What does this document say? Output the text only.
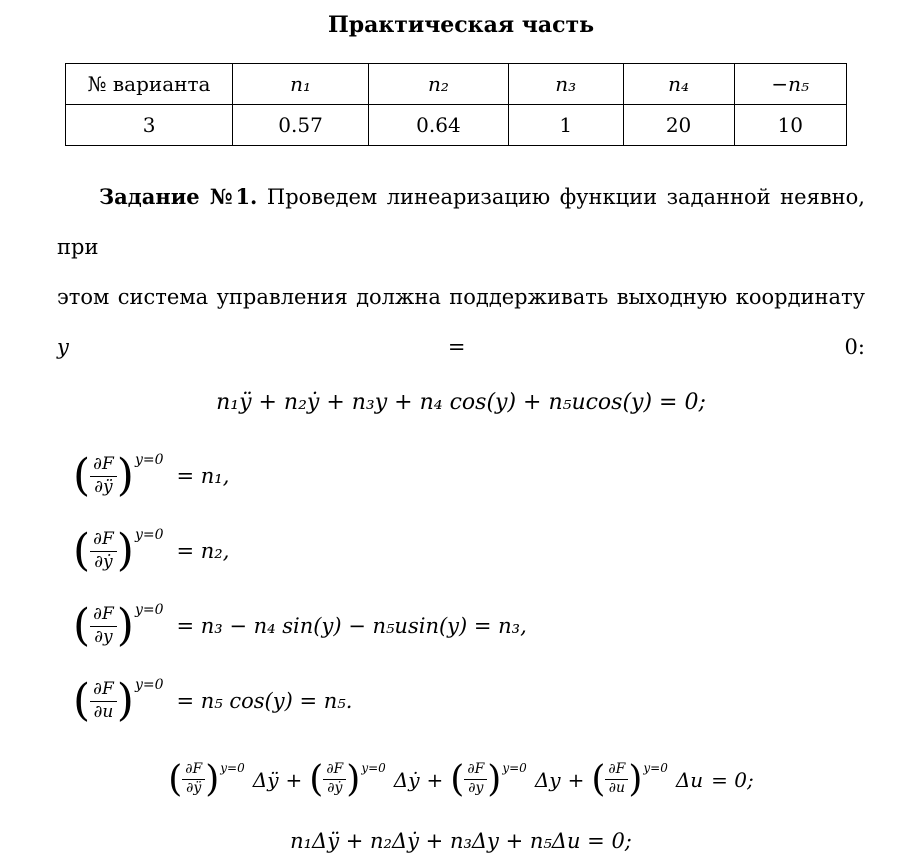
Практическая часть
№ варианта	n₁	n₂	n₃	n₄	−n₅
3	0.57	0.64	1	20	10
Задание №1. Проведем линеаризацию функции заданной неявно, при
этом система управления должна поддерживать выходную координату y	= 0:
n₁ÿ + n₂ẏ + n₃y + n₄ cos(y) + n₅ucos(y) = 0;
( $\frac{\partial F}{\partial ÿ}$ ) y=0
= n₁,
( $\frac{\partial F}{\text{∂ẏ}}$ ) y=0
= n₂,
( $\frac{\partial F}{\partial y}$ ) y=0
= n₃ − n₄ sin(y) − n₅usin(y) = n₃,
( $\frac{\partial F}{\partial u}$ ) y=0
= n₅ cos(y) = n₅.
( $\frac{\partial F}{\partial ÿ}$ ) y=0 Δÿ + ( $\frac{\partial F}{\text{∂ẏ}}$ ) y=0 Δẏ + ( $\frac{\partial F}{\partial y}$ ) y=0 Δy + ( $\frac{\partial F}{\partial u}$ ) y=0 Δu = 0;
n₁Δÿ + n₂Δẏ + n₃Δy + n₅Δu = 0;
